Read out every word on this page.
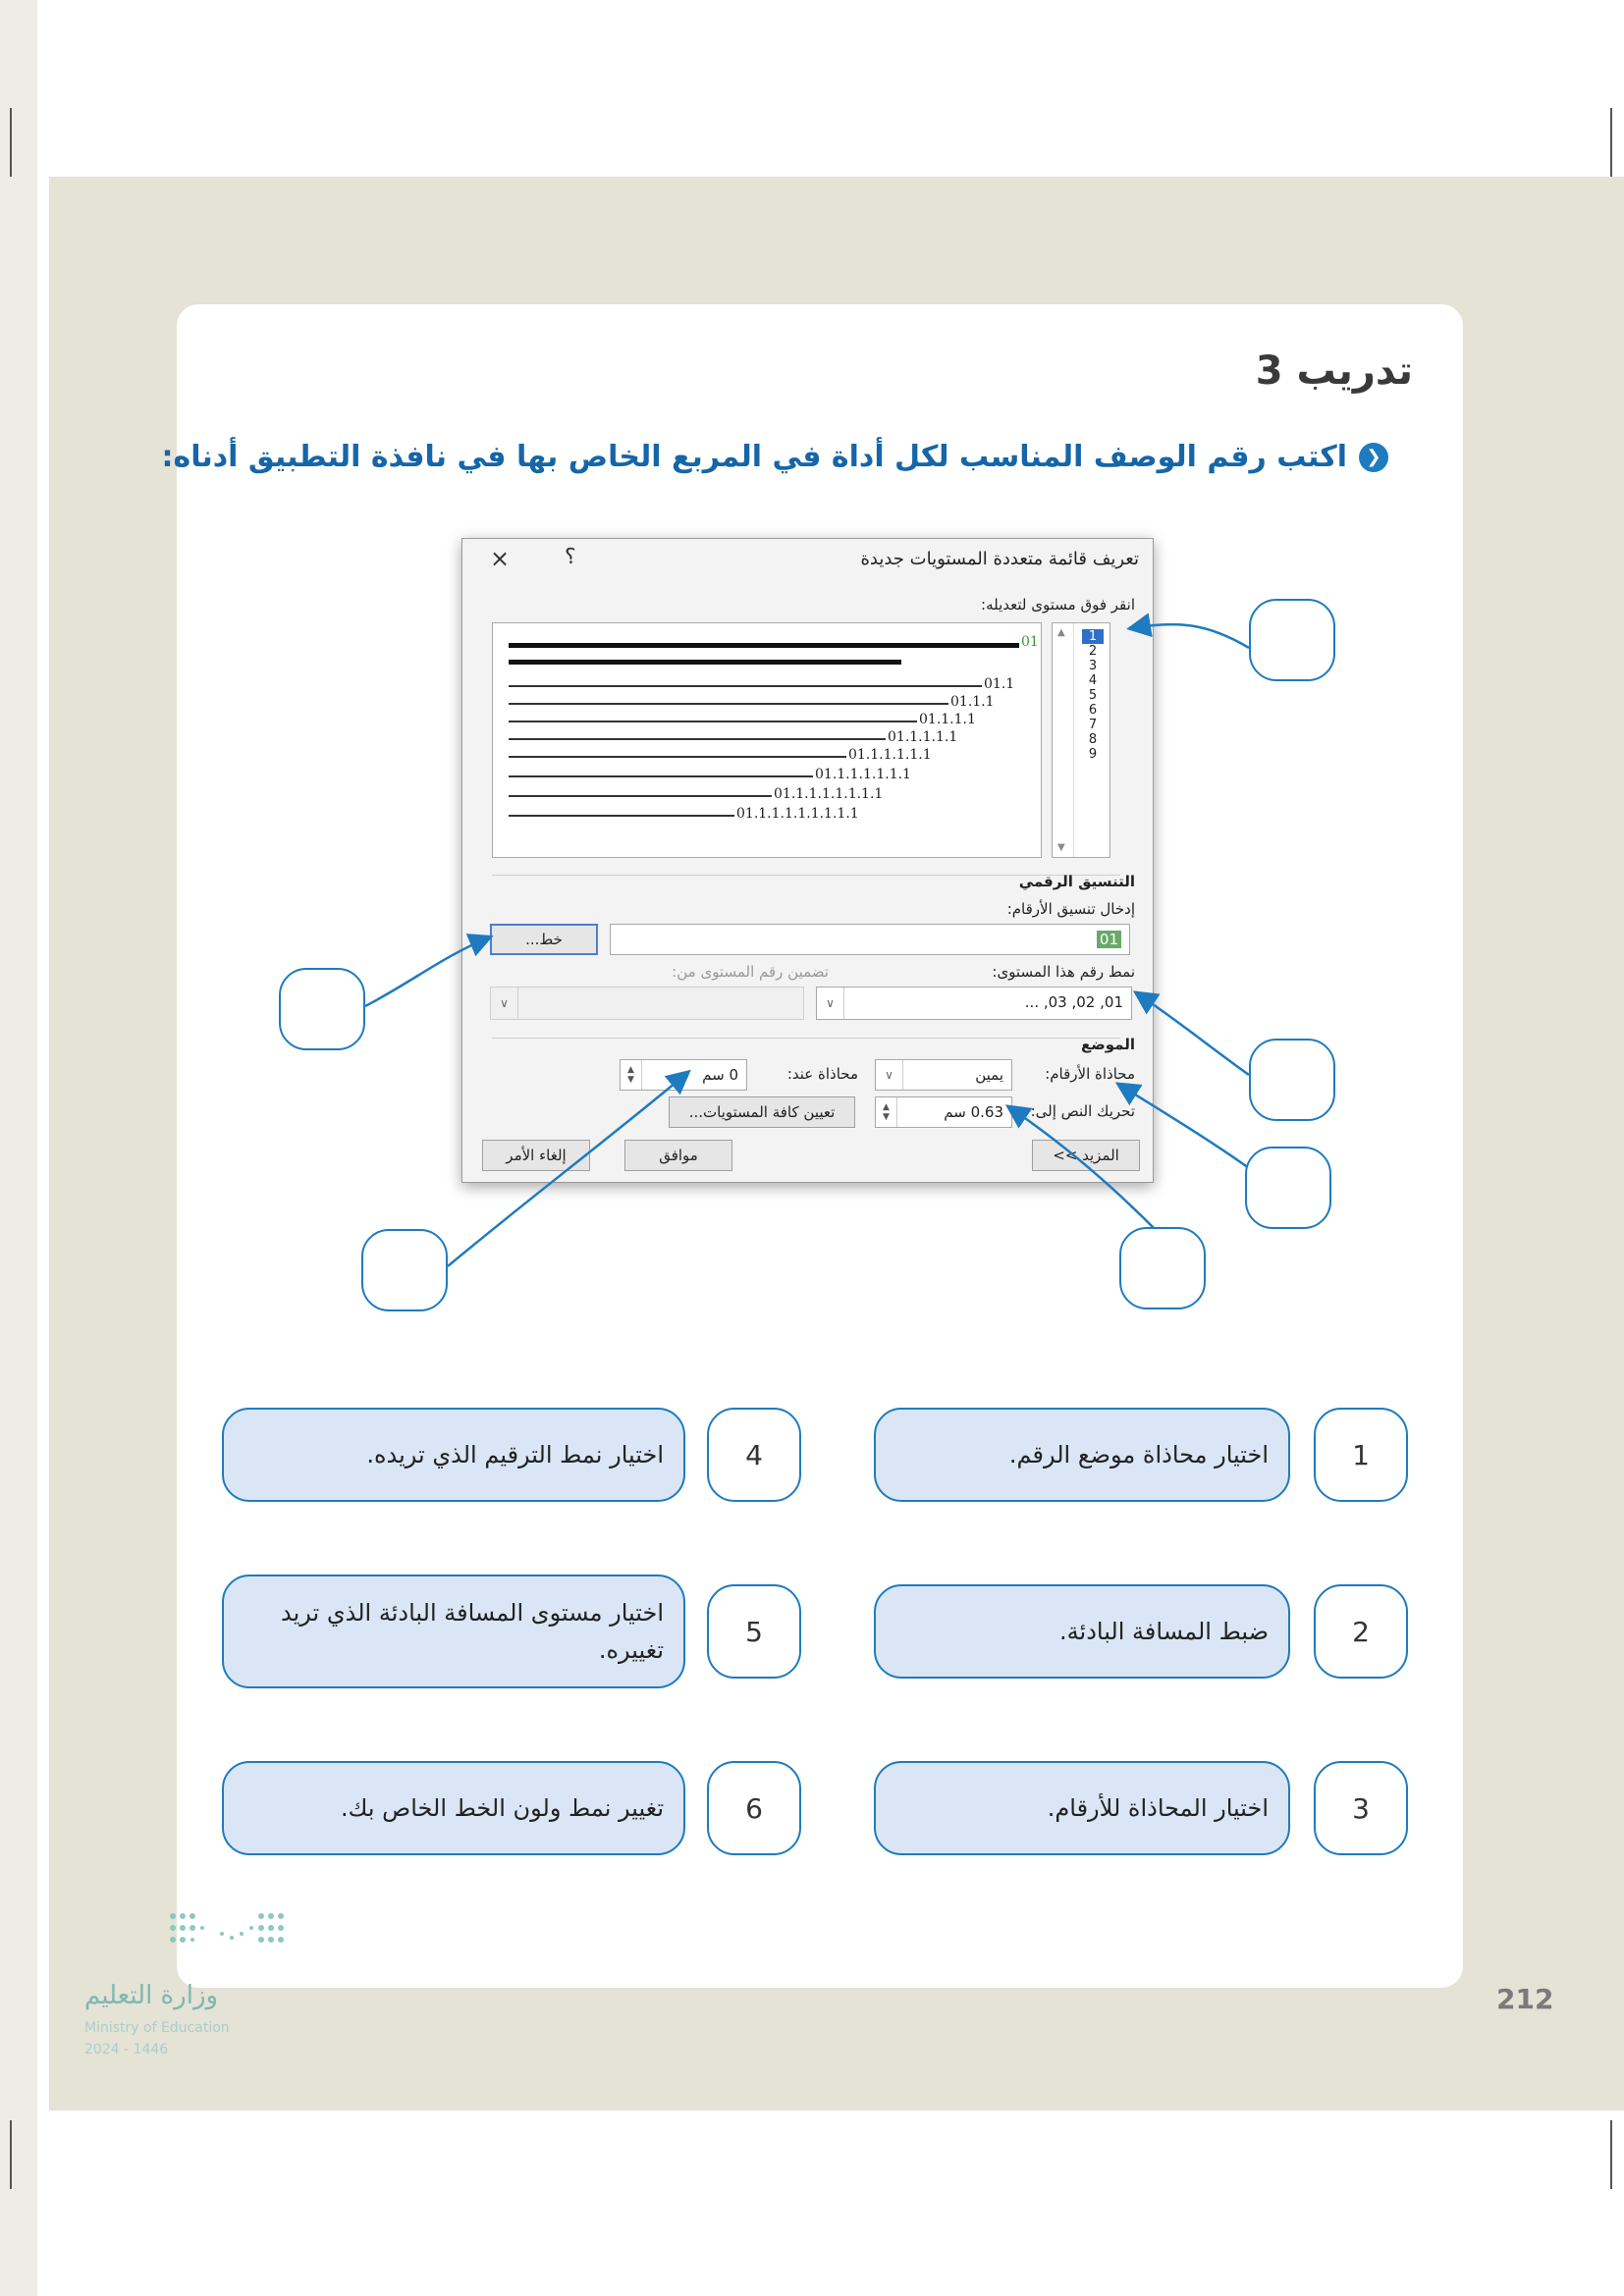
تدريب 3
❮
اكتب رقم الوصف المناسب لكل أداة في المربع الخاص بها في نافذة التطبيق أدناه:
تعريف قائمة متعددة المستويات جديدة
؟
×
انقر فوق مستوى لتعديله:
01
01.1
01.1.1
01.1.1.1
01.1.1.1.1
01.1.1.1.1.1
01.1.1.1.1.1.1
01.1.1.1.1.1.1.1
01.1.1.1.1.1.1.1.1
▲
▼
1
2
3
4
5
6
7
8
9
التنسيق الرقمي
إدخال تنسيق الأرقام:
01
خط...
نمط رقم هذا المستوى:
تضمين رقم المستوى من:
01, 02, 03, ...
∨
∨
الموضع
محاذاة الأرقام:
يمين
∨
محاذاة عند:
0 سم
▲
▼
تحريك النص إلى:
0.63 سم
▲
▼
تعيين كافة المستويات...
المزيد >>
موافق
إلغاء الأمر
1
اختيار محاذاة موضع الرقم.
2
ضبط المسافة البادئة.
3
اختيار المحاذاة للأرقام.
4
اختيار نمط الترقيم الذي تريده.
5
اختيار مستوى المسافة البادئة الذي تريد تغييره.
6
تغيير نمط ولون الخط الخاص بك.
وزارة التعليم
Ministry of Education
2024 - 1446
212
